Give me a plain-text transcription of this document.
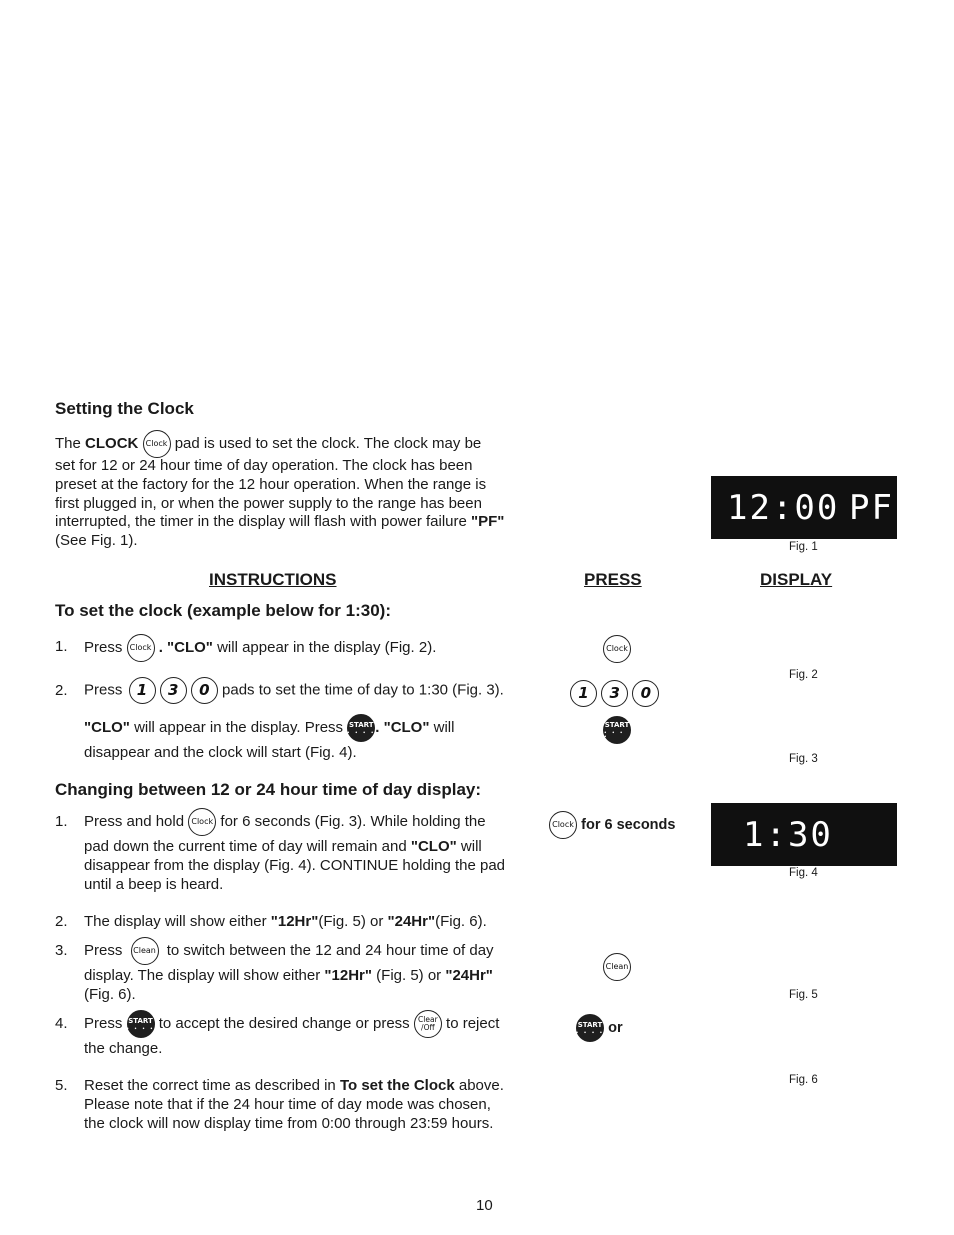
Setting the Clock
The CLOCK Clock pad is used to set the clock. The clock may be
set for 12 or 24 hour time of day operation. The clock has been
preset at the factory for the 12 hour operation. When the range is
first plugged in, or when the power supply to the range has been
interrupted, the timer in the display will flash with power failure "PF"
(See Fig. 1).
12:00 PF
Fig. 1
INSTRUCTIONS	PRESS	DISPLAY
To set the clock (example below for 1:30):
1. Press Clock . "CLO" will appear in the display (Fig. 2).
2. Press 1 3 0 pads to set the time of day to 1:30 (Fig. 3).
"CLO" will appear in the display. Press START
• • • • . "CLO" will
disappear and the clock will start (Fig. 4).
Clock
1 3 0
START
• • • •
Fig. 2
Fig. 3
Changing between 12 or 24 hour time of day display:
1. Press and hold Clock for 6 seconds (Fig. 3). While holding the
pad down the current time of day will remain and "CLO" will
disappear from the display (Fig. 4). CONTINUE holding the pad
until a beep is heard.
2. The display will show either "12Hr"(Fig. 5) or "24Hr"(Fig. 6).
3. Press Clean to switch between the 12 and 24 hour time of day
display. The display will show either "12Hr" (Fig. 5) or "24Hr"
(Fig. 6).
4. Press START
• • • • to accept the desired change or press Clear
/Off to reject
the change.
5. Reset the correct time as described in To set the Clock above.
Please note that if the 24 hour time of day mode was chosen,
the clock will now display time from 0:00 through 23:59 hours.
Clock for 6 seconds
Clean
START
• • • • or
1:30
Fig. 4
Fig. 5
Fig. 6
10
